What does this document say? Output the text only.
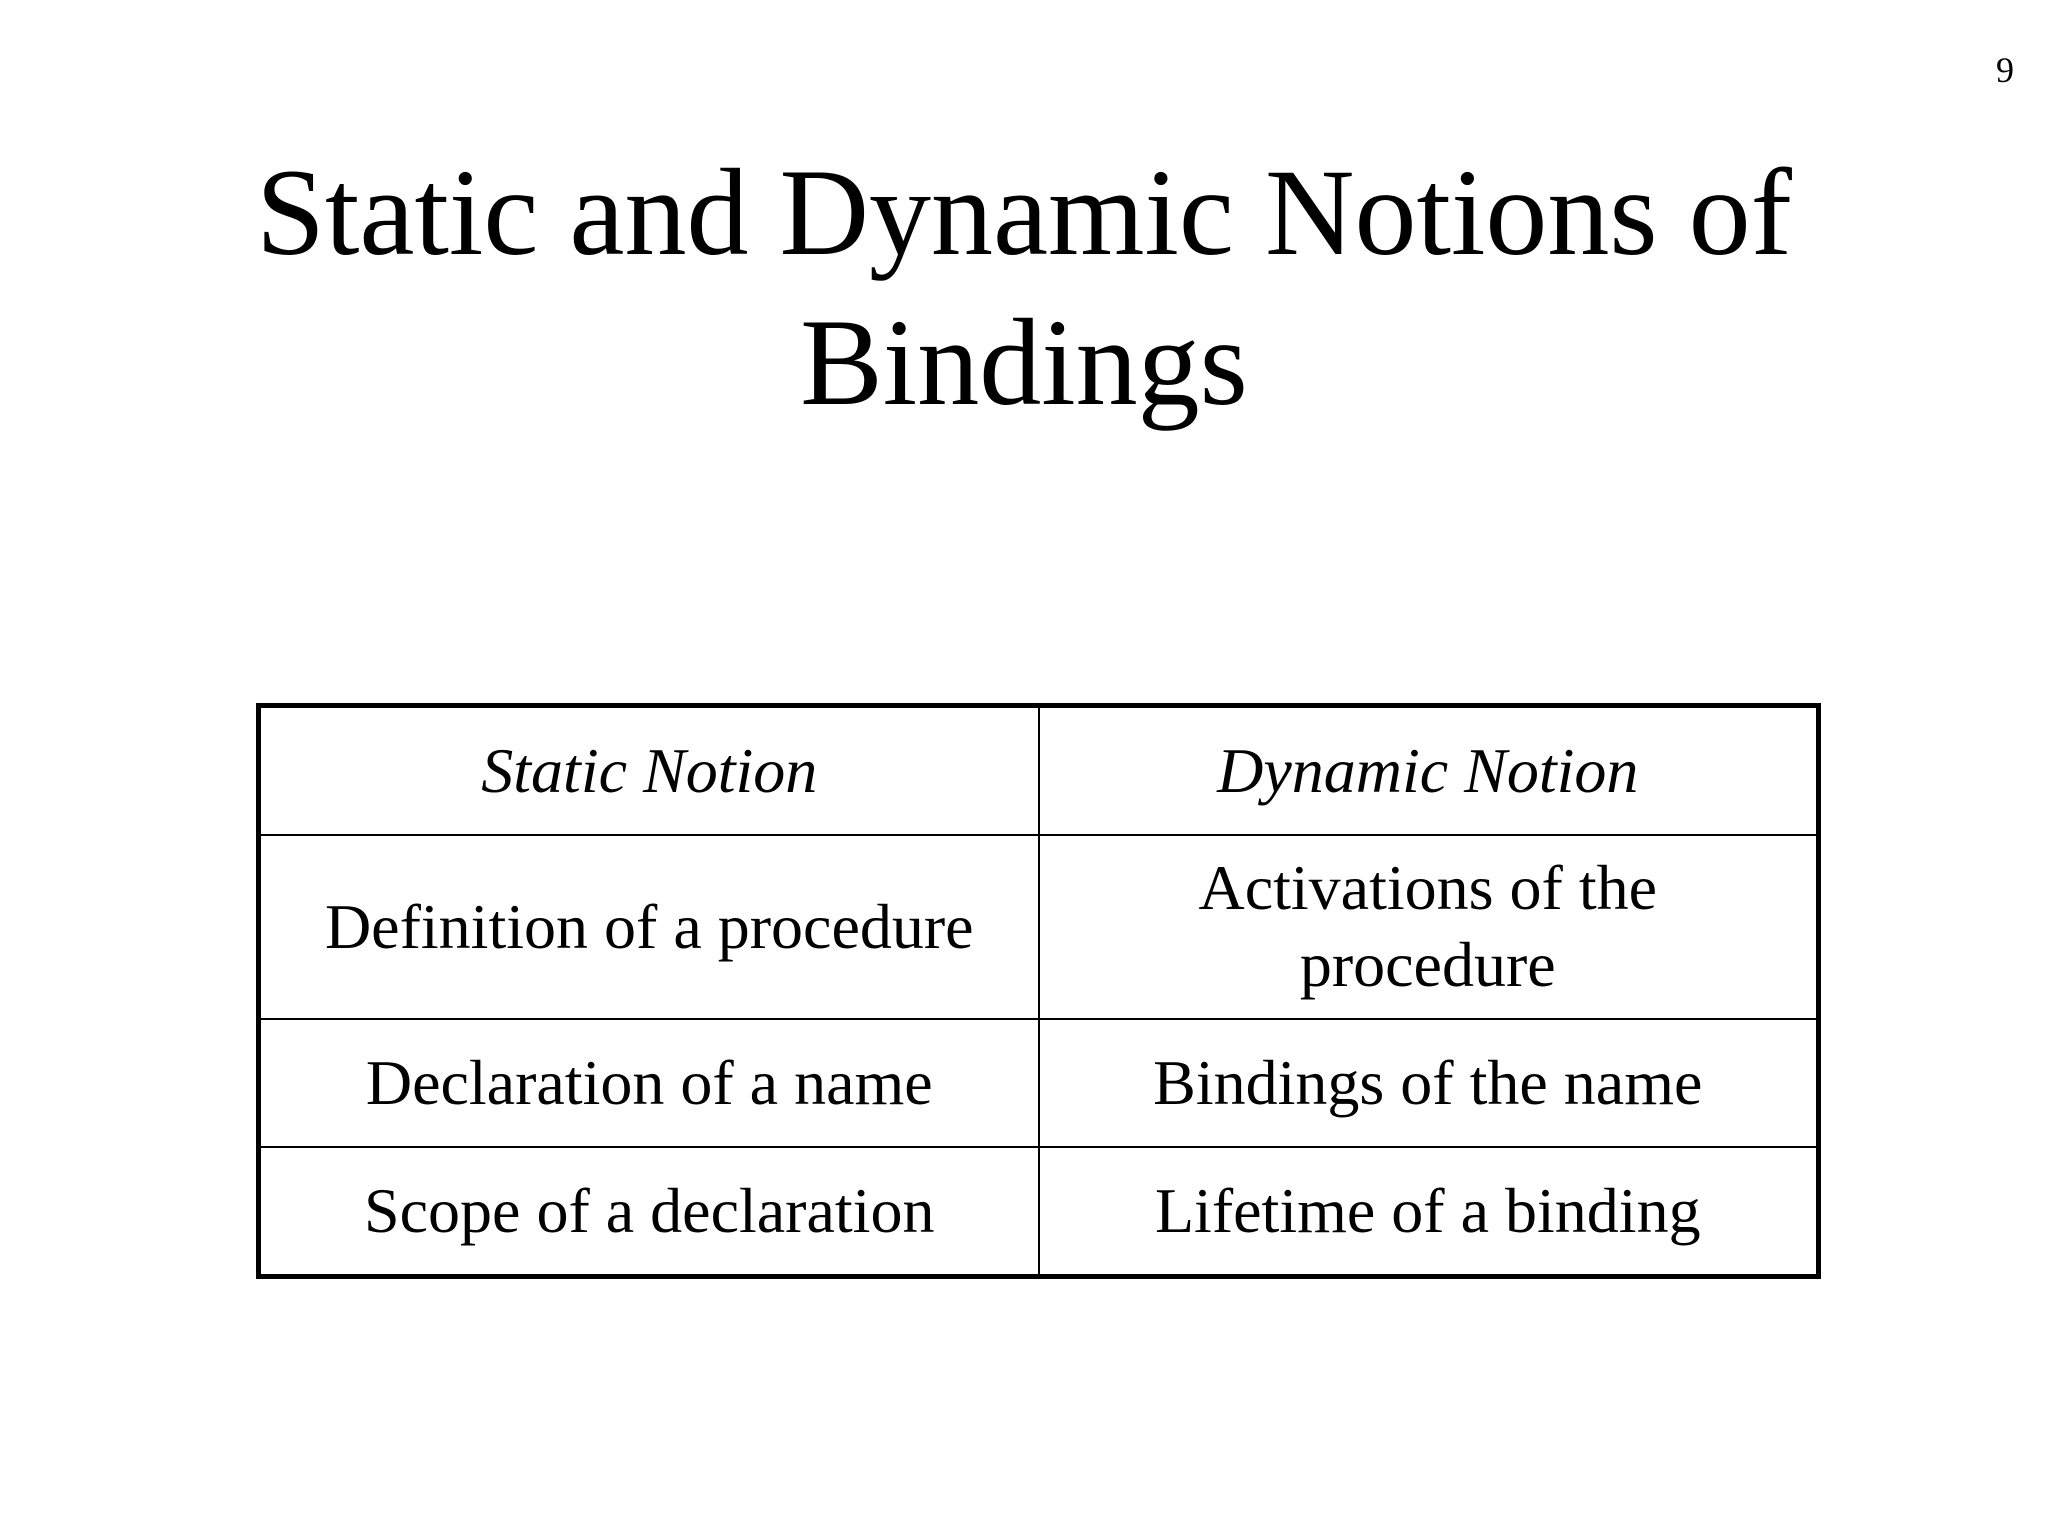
9
Static and Dynamic Notions of
Bindings
Static Notion	Dynamic Notion
Definition of a procedure	Activations of the
procedure

Declaration of a name	Bindings of the name
Scope of a declaration	Lifetime of a binding
